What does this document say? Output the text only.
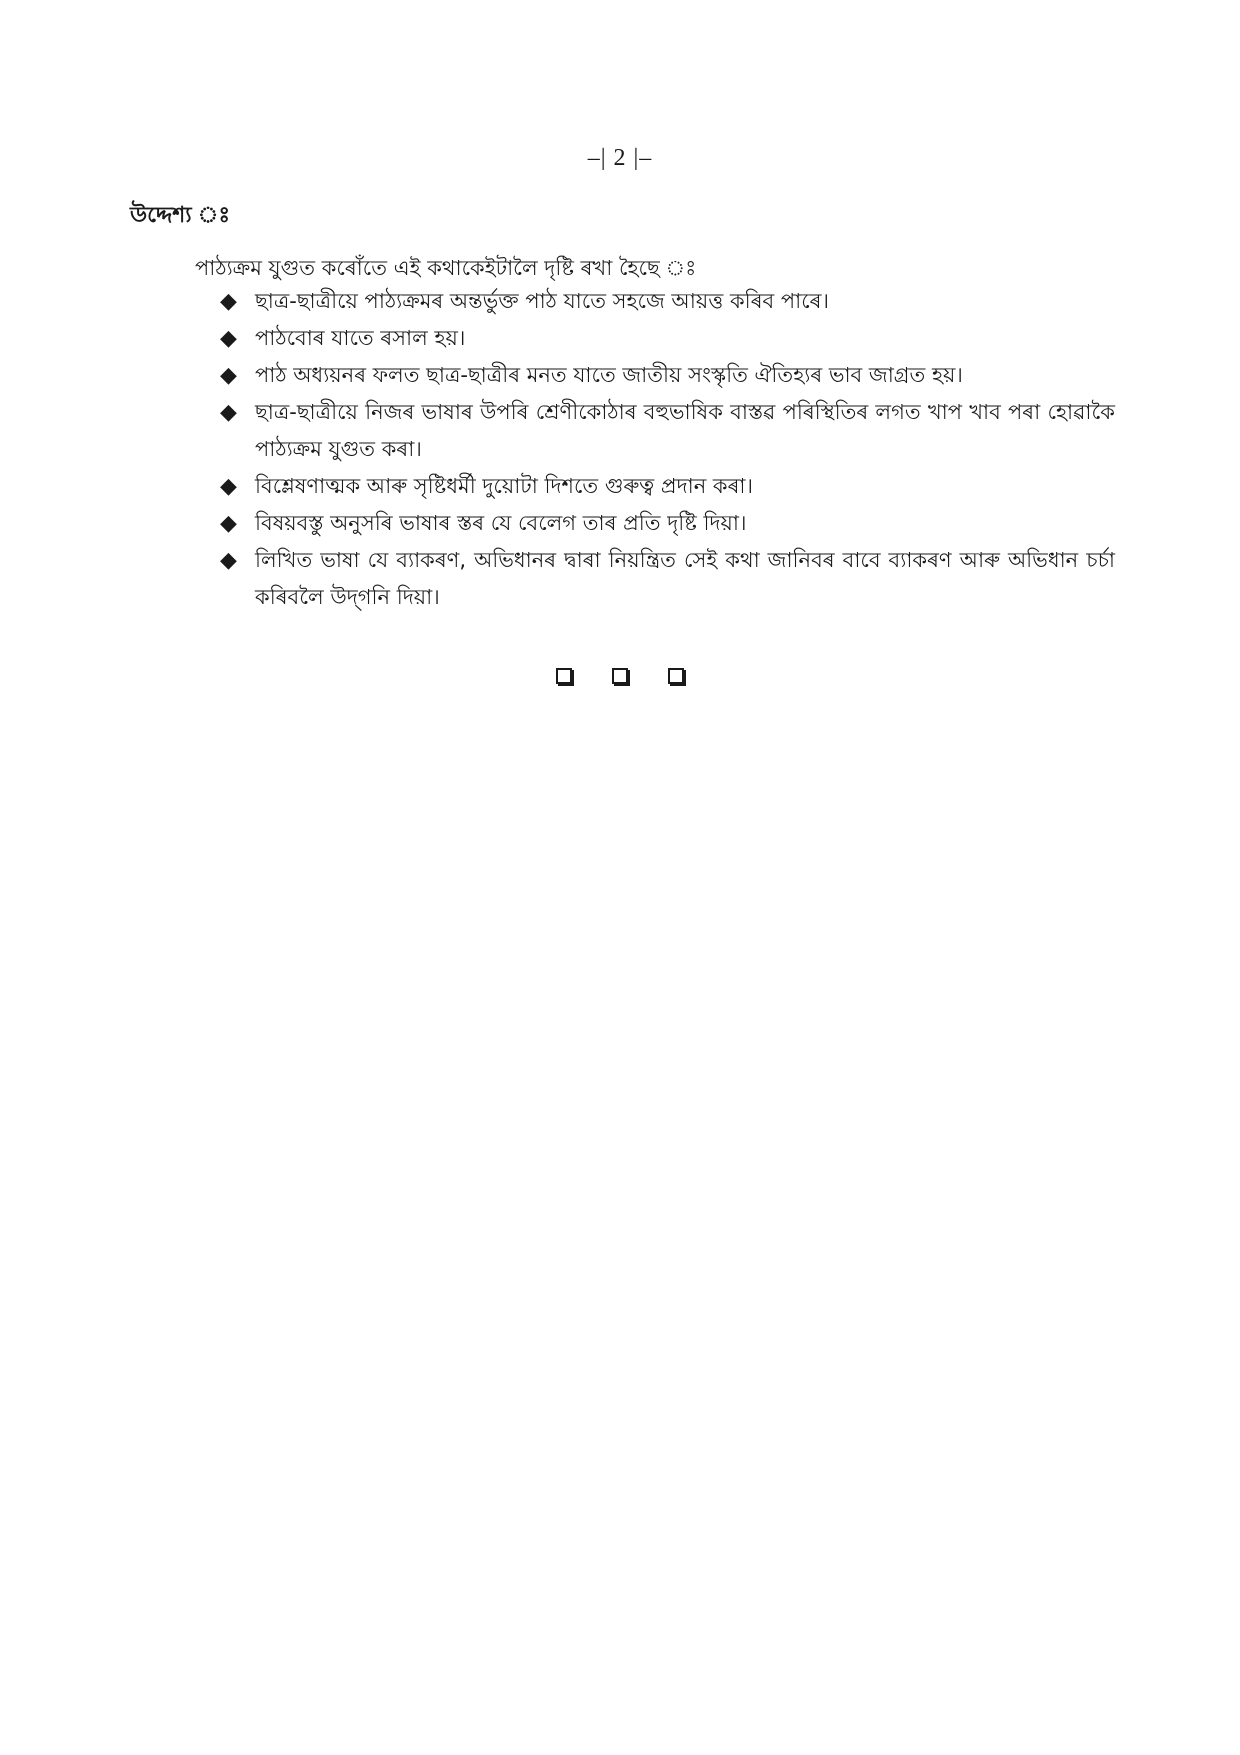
–| 2 |–
উদ্দেশ্য ঃ
পাঠ্যক্ৰম যুগুত কৰোঁতে এই কথাকেইটালৈ দৃষ্টি ৰখা হৈছে ঃ
◆ ছাত্ৰ-ছাত্ৰীয়ে পাঠ্যক্ৰমৰ অন্তৰ্ভুক্ত পাঠ যাতে সহজে আয়ত্ত কৰিব পাৰে।
◆ পাঠবোৰ যাতে ৰসাল হয়।
◆ পাঠ অধ্যয়নৰ ফলত ছাত্ৰ-ছাত্ৰীৰ মনত যাতে জাতীয় সংস্কৃতি ঐতিহ্যৰ ভাব জাগ্ৰত হয়।
◆ ছাত্ৰ-ছাত্ৰীয়ে নিজৰ ভাষাৰ উপৰি শ্ৰেণীকোঠাৰ বহুভাষিক বাস্তৱ পৰিস্থিতিৰ লগত খাপ খাব পৰা হোৱাকৈ পাঠ্যক্ৰম যুগুত কৰা।
◆ বিশ্লেষণাত্মক আৰু সৃষ্টিধৰ্মী দুয়োটা দিশতে গুৰুত্ব প্ৰদান কৰা।
◆ বিষয়বস্তু অনুসৰি ভাষাৰ স্তৰ যে বেলেগ তাৰ প্ৰতি দৃষ্টি দিয়া।
◆ লিখিত ভাষা যে ব্যাকৰণ, অভিধানৰ দ্বাৰা নিয়ন্ত্ৰিত সেই কথা জানিবৰ বাবে ব্যাকৰণ আৰু অভিধান চৰ্চা কৰিবলৈ উদ্‌গনি দিয়া।
